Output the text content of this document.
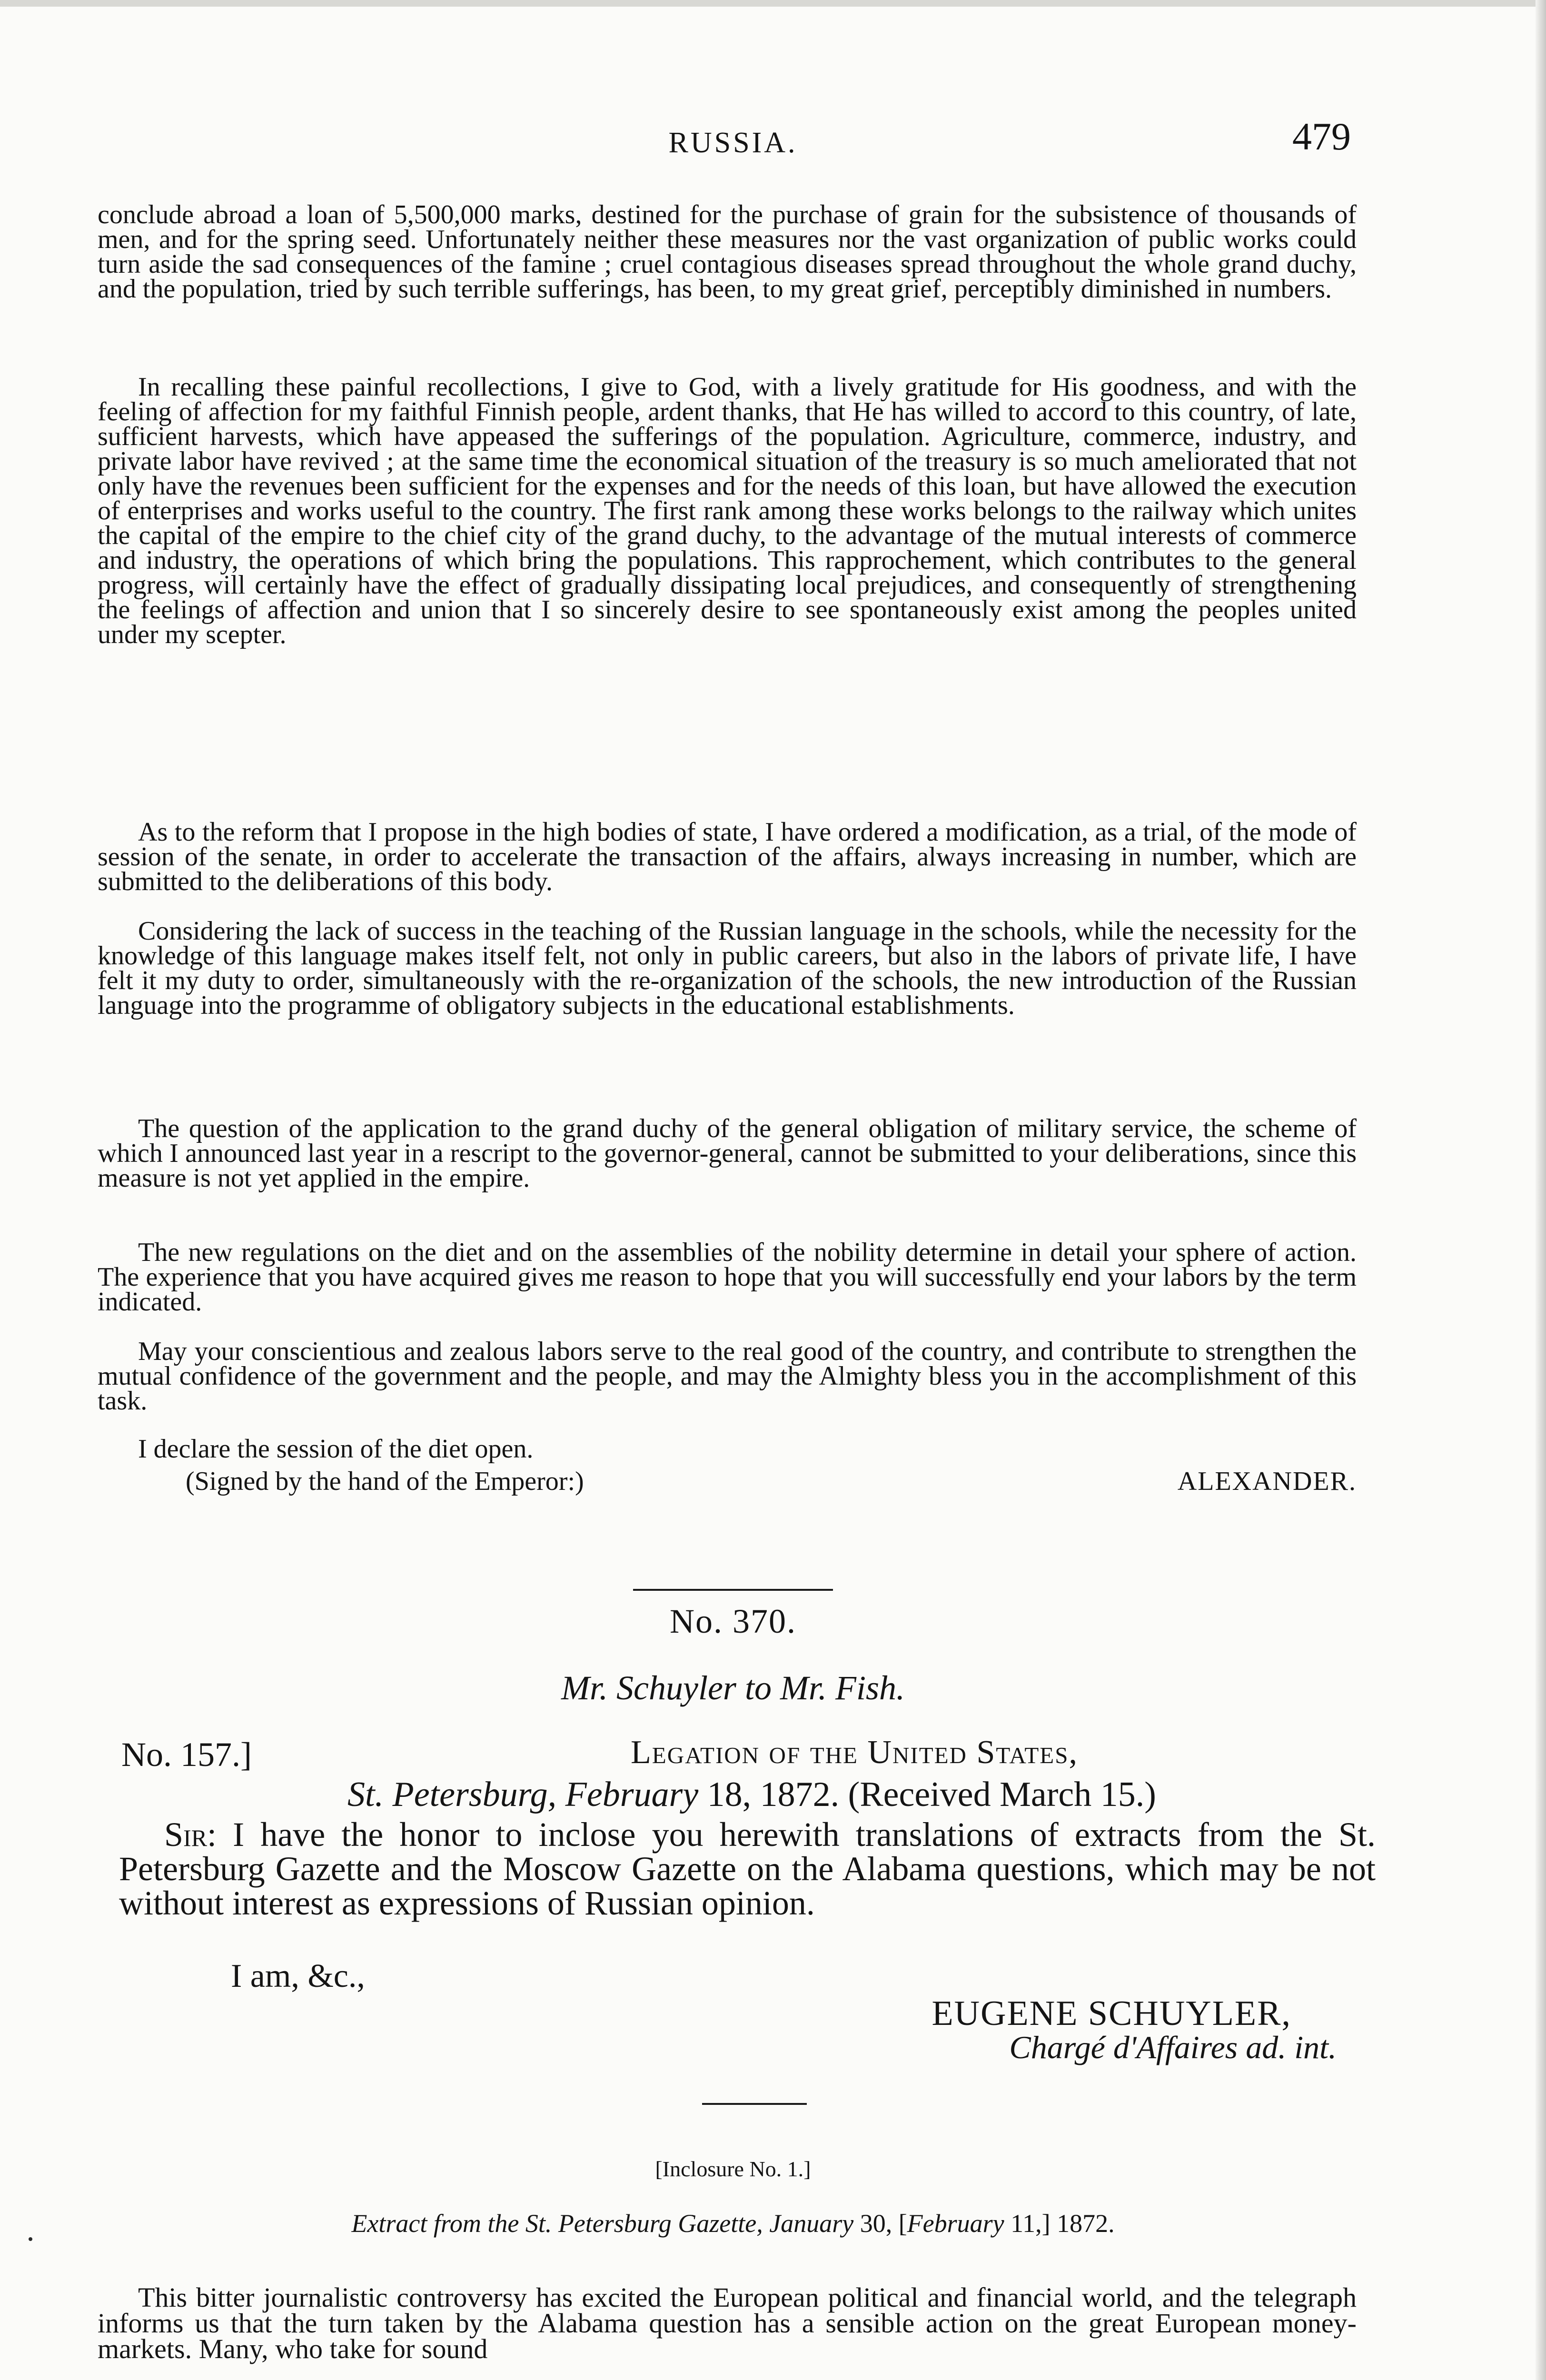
RUSSIA.	479

conclude abroad a loan of 5,500,000 marks, destined for the purchase of grain for the subsistence of thousands of men, and for the spring seed. Unfortunately neither these measures nor the vast organization of public works could turn aside the sad consequences of the famine ; cruel contagious diseases spread throughout the whole grand duchy, and the population, tried by such terrible sufferings, has been, to my great grief, perceptibly diminished in numbers.

In recalling these painful recollections, I give to God, with a lively gratitude for His goodness, and with the feeling of affection for my faithful Finnish people, ardent thanks, that He has willed to accord to this country, of late, sufficient harvests, which have appeased the sufferings of the population. Agriculture, commerce, industry, and private labor have revived ; at the same time the economical situation of the treasury is so much ameliorated that not only have the revenues been sufficient for the expenses and for the needs of this loan, but have allowed the execution of enterprises and works useful to the country. The first rank among these works belongs to the railway which unites the capital of the empire to the chief city of the grand duchy, to the advantage of the mutual interests of commerce and industry, the operations of which bring the populations. This rapprochement, which contributes to the general progress, will certainly have the effect of gradually dissipating local prejudices, and consequently of strengthening the feelings of affection and union that I so sincerely desire to see spontaneously exist among the peoples united under my scepter.

As to the reform that I propose in the high bodies of state, I have ordered a modification, as a trial, of the mode of session of the senate, in order to accelerate the transaction of the affairs, always increasing in number, which are submitted to the deliberations of this body.

Considering the lack of success in the teaching of the Russian language in the schools, while the necessity for the knowledge of this language makes itself felt, not only in public careers, but also in the labors of private life, I have felt it my duty to order, simultaneously with the re-organization of the schools, the new introduction of the Russian language into the programme of obligatory subjects in the educational establishments.

The question of the application to the grand duchy of the general obligation of military service, the scheme of which I announced last year in a rescript to the governor-general, cannot be submitted to your deliberations, since this measure is not yet applied in the empire.

The new regulations on the diet and on the assemblies of the nobility determine in detail your sphere of action. The experience that you have acquired gives me reason to hope that you will successfully end your labors by the term indicated.

May your conscientious and zealous labors serve to the real good of the country, and contribute to strengthen the mutual confidence of the government and the people, and may the Almighty bless you in the accomplishment of this task.

I declare the session of the diet open.

(Signed by the hand of the Emperor:)	ALEXANDER.
No. 370.
Mr. Schuyler to Mr. Fish.
No. 157.]	Legation of the United States,
St. Petersburg, February 18, 1872. (Received March 15.)

Sir: I have the honor to inclose you herewith translations of extracts from the St. Petersburg Gazette and the Moscow Gazette on the Alabama questions, which may be not without interest as expressions of Russian opinion.

I am, &c.,
EUGENE SCHUYLER,
Chargé d'Affaires ad. int.
[Inclosure No. 1.]
Extract from the St. Petersburg Gazette, January 30, [February 11,] 1872.

This bitter journalistic controversy has excited the European political and financial world, and the telegraph informs us that the turn taken by the Alabama question has a sensible action on the great European money-markets. Many, who take for sound
